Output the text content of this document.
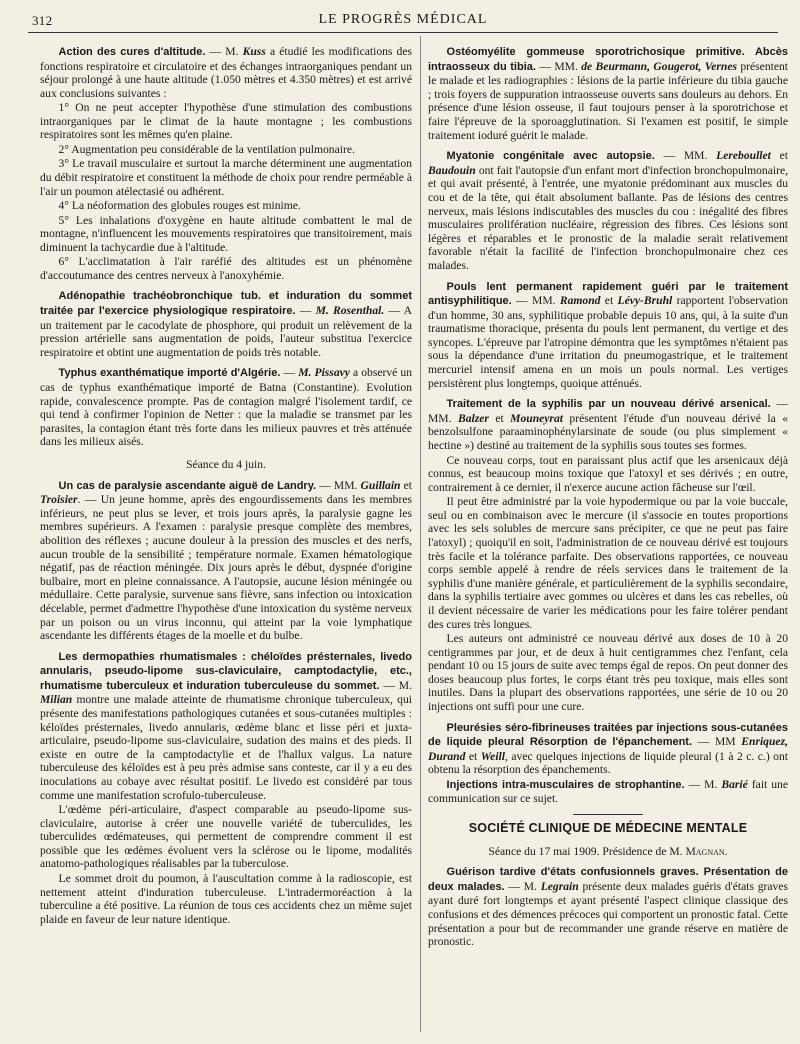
312	LE PROGRÈS MÉDICAL

Action des cures d'altitude. — M. Kuss a étudié les modifications des fonctions respiratoire et circulatoire et des échanges intraorganiques pendant un séjour prolongé à une haute altitude (1.050 mètres et 4.350 mètres) et est arrivé aux conclusions suivantes :

1° On ne peut accepter l'hypothèse d'une stimulation des combustions intraorganiques par le climat de la haute montagne ; les combustions respiratoires sont les mêmes qu'en plaine.

2° Augmentation peu considérable de la ventilation pulmonaire.

3° Le travail musculaire et surtout la marche déterminent une augmentation du débit respiratoire et constituent la méthode de choix pour rendre perméable à l'air un poumon atélectasié ou adhérent.

4° La néoformation des globules rouges est minime.

5° Les inhalations d'oxygène en haute altitude combattent le mal de montagne, n'influencent les mouvements respiratoires que transitoirement, mais diminuent la tachycardie due à l'altitude.

6° L'acclimatation à l'air raréfié des altitudes est un phénomène d'accoutumance des centres nerveux à l'anoxyhémie.

Adénopathie trachéobronchique tub. et induration du sommet traitée par l'exercice physiologique respiratoire. — M. Rosenthal. — A un traitement par le cacodylate de phosphore, qui produit un relèvement de la pression artérielle sans augmentation de poids, l'auteur substitua l'exercice respiratoire et obtint une augmentation de poids très notable.

Typhus exanthématique importé d'Algérie. — M. Pissavy a observé un cas de typhus exanthématique importé de Batna (Constantine). Evolution rapide, convalescence prompte. Pas de contagion malgré l'isolement tardif, ce qui tend à confirmer l'opinion de Netter : que la maladie se transmet par les parasites, la contagion étant très forte dans les milieux pauvres et très atténuée dans les milieux aisés.

Séance du 4 juin.

Un cas de paralysie ascendante aiguë de Landry. — MM. Guillain et Troisier. — Un jeune homme, après des engourdissements dans les membres inférieurs, ne peut plus se lever, et trois jours après, la paralysie gagne les membres supérieurs. A l'examen : paralysie presque complète des membres, abolition des réflexes ; aucune douleur à la pression des muscles et des nerfs, aucun trouble de la sensibilité ; température normale. Examen hématologique négatif, pas de réaction méningée. Dix jours après le début, dyspnée d'origine bulbaire, mort en pleine connaissance. A l'autopsie, aucune lésion méningée ou médullaire. Cette paralysie, survenue sans fièvre, sans infection ou intoxication décelable, permet d'admettre l'hypothèse d'une intoxication du système nerveux par un poison ou un virus inconnu, qui atteint par la voie lymphatique ascendante les différents étages de la moelle et du bulbe.

Les dermopathies rhumatismales : chéloïdes présternales, livedo annularis, pseudo-lipome sus-claviculaire, camptodactylie, etc., rhumatisme tuberculeux et induration tuberculeuse du sommet. — M. Milian montre une malade atteinte de rhumatisme chronique tuberculeux, qui présente des manifestations pathologiques cutanées et sous-cutanées multiples : kéloïdes présternales, livedo annularis, œdème blanc et lisse péri et juxta-articulaire, pseudo-lipome sus-claviculaire, sudation des mains et des pieds. Il existe en outre de la camptodactylie et de l'hallux valgus. La nature tuberculeuse des kéloïdes est à peu près admise sans conteste, car il y a eu des inoculations au cobaye avec résultat positif. Le livedo est considéré par tous comme une manifestation scrofulo-tuberculeuse.

L'œdème péri-articulaire, d'aspect comparable au pseudo-lipome sus-claviculaire, autorise à créer une nouvelle variété de tuberculides, les tuberculides œdémateuses, qui permettent de comprendre comment il est possible que les œdèmes évoluent vers la sclérose ou le lipome, modalités anatomo-pathologiques réalisables par la tuberculose.

Le sommet droit du poumon, à l'auscultation comme à la radioscopie, est nettement atteint d'induration tuberculeuse. L'intradermoréaction à la tuberculine a été positive. La réunion de tous ces accidents chez un même sujet plaide en faveur de leur nature identique.

Ostéomyélite gommeuse sporotrichosique primitive. Abcès intraosseux du tibia. — MM. de Beurmann, Gougerot, Vernes présentent le malade et les radiographies : lésions de la partie inférieure du tibia gauche ; trois foyers de suppuration intraosseuse ouverts sans douleurs au dehors. En présence d'une lésion osseuse, il faut toujours penser à la sporotrichose et faire l'épreuve de la sporoagglutination. Si l'examen est positif, le simple traitement ioduré guérit le malade.

Myatonie congénitale avec autopsie. — MM. Lereboullet et Baudouin ont fait l'autopsie d'un enfant mort d'infection bronchopulmonaire, et qui avait présenté, à l'entrée, une myatonie prédominant aux muscles du cou et de la tête, qui était absolument ballante. Pas de lésions des centres nerveux, mais lésions indiscutables des muscles du cou : inégalité des fibres musculaires prolifération nucléaire, régression des fibres. Ces lésions sont légères et réparables et le pronostic de la maladie serait relativement favorable n'était la facilité de l'infection bronchopulmonaire chez ces malades.

Pouls lent permanent rapidement guéri par le traitement antisyphilitique. — MM. Ramond et Lévy-Bruhl rapportent l'observation d'un homme, 30 ans, syphilitique probable depuis 10 ans, qui, à la suite d'un traumatisme thoracique, présenta du pouls lent permanent, du vertige et des syncopes. L'épreuve par l'atropine démontra que les symptômes n'étaient pas sous la dépendance d'une irritation du pneumogastrique, et le traitement mercuriel intensif amena en un mois un pouls normal. Les vertiges persistèrent plus longtemps, quoique atténués.

Traitement de la syphilis par un nouveau dérivé arsenical. — MM. Balzer et Mouneyrat présentent l'étude d'un nouveau dérivé la « benzolsulfone paraaminophénylarsinate de soude (ou plus simplement « hectine ») destiné au traitement de la syphilis sous toutes ses formes.

Ce nouveau corps, tout en paraissant plus actif que les arsenicaux déjà connus, est beaucoup moins toxique que l'atoxyl et ses dérivés ; en outre, contrairement à ce dernier, il n'exerce aucune action fâcheuse sur l'œil.

Il peut être administré par la voie hypodermique ou par la voie buccale, seul ou en combinaison avec le mercure (il s'associe en toutes proportions avec les sels solubles de mercure sans précipiter, ce que ne peut pas faire l'atoxyl) ; quoiqu'il en soit, l'administration de ce nouveau dérivé est toujours très facile et la tolérance parfaite. Des observations rapportées, ce nouveau corps semble appelé à rendre de réels services dans le traitement de la syphilis d'une manière générale, et particulièrement de la syphilis secondaire, dans la syphilis tertiaire avec gommes ou ulcères et dans les cas rebelles, où il devient nécessaire de varier les médications pour les faire tolérer pendant des cures très longues.

Les auteurs ont administré ce nouveau dérivé aux doses de 10 à 20 centigrammes par jour, et de deux à huit centigrammes chez l'enfant, cela pendant 10 ou 15 jours de suite avec temps égal de repos. On peut donner des doses beaucoup plus fortes, le corps étant très peu toxique, mais elles sont inutiles. Dans la plupart des observations rapportées, une série de 10 ou 20 injections ont suffi pour une cure.

Pleurésies séro-fibrineuses traitées par injections sous-cutanées de liquide pleural Résorption de l'épanchement. — MM Enriquez, Durand et Weill, avec quelques injections de liquide pleural (1 à 2 c. c.) ont obtenu la résorption des épanchements.

Injections intra-musculaires de strophantine. — M. Barié fait une communication sur ce sujet.

SOCIÉTÉ CLINIQUE DE MÉDECINE MENTALE

Séance du 17 mai 1909. Présidence de M. Magnan.

Guérison tardive d'états confusionnels graves. Présentation de deux malades. — M. Legrain présente deux malades guéris d'états graves ayant duré fort longtemps et ayant présenté l'aspect clinique classique des confusions et des démences précoces qui comportent un pronostic fatal. Cette présentation a pour but de recommander une grande réserve en matière de pronostic.
